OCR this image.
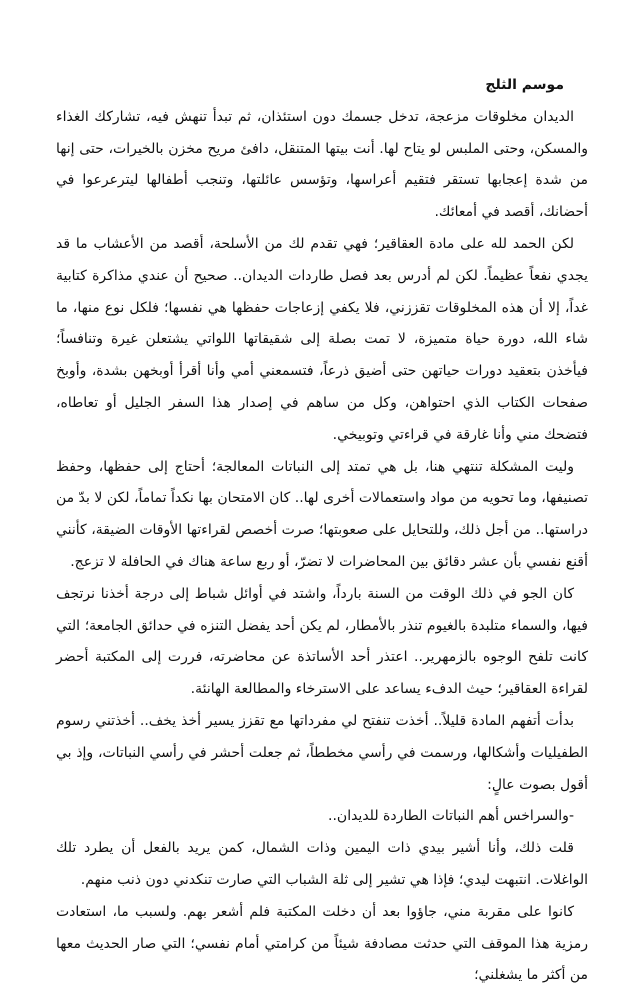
موسم الثلج

الديدان مخلوقات مزعجة، تدخل جسمك دون استئذان، ثم تبدأ تنهش فيه، تشاركك الغذاء والمسكن، وحتى الملبس لو يتاح لها. أنت بيتها المتنقل، دافئ مريح مخزن بالخيرات، حتى إنها من شدة إعجابها تستقر فتقيم أعراسها، وتؤسس عائلتها، وتنجب أطفالها ليترعرعوا في أحضانك، أقصد في أمعائك.

لكن الحمد لله على مادة العقاقير؛ فهي تقدم لك من الأسلحة، أقصد من الأعشاب ما قد يجدي نفعاً عظيماً. لكن لم أدرس بعد فصل طاردات الديدان.. صحيح أن عندي مذاكرة كتابية غداً، إلا أن هذه المخلوقات تقززني، فلا يكفي إزعاجات حفظها هي نفسها؛ فلكل نوع منها، ما شاء الله، دورة حياة متميزة، لا تمت بصلة إلى شقيقاتها اللواتي يشتعلن غيرة وتنافساً؛ فيأخذن بتعقيد دورات حياتهن حتى أضيق ذرعاً، فتسمعني أمي وأنا أقرأ أوبخهن بشدة، وأوبخ صفحات الكتاب الذي احتواهن، وكل من ساهم في إصدار هذا السفر الجليل أو تعاطاه، فتضحك مني وأنا غارقة في قراءتي وتوبيخي.

وليت المشكلة تنتهي هنا، بل هي تمتد إلى النباتات المعالجة؛ أحتاج إلى حفظها، وحفظ تصنيفها، وما تحويه من مواد واستعمالات أخرى لها.. كان الامتحان بها نكداً تماماً، لكن لا بدّ من دراستها.. من أجل ذلك، وللتحايل على صعوبتها؛ صرت أخصص لقراءتها الأوقات الضيقة، كأنني أقنع نفسي بأن عشر دقائق بين المحاضرات لا تضرّ، أو ربع ساعة هناك في الحافلة لا تزعج.

كان الجو في ذلك الوقت من السنة بارداً، واشتد في أوائل شباط إلى درجة أخذنا نرتجف فيها، والسماء متلبدة بالغيوم تنذر بالأمطار، لم يكن أحد يفضل التنزه في حدائق الجامعة؛ التي كانت تلفح الوجوه بالزمهرير.. اعتذر أحد الأساتذة عن محاضرته، فررت إلى المكتبة أحضر لقراءة العقاقير؛ حيث الدفء يساعد على الاسترخاء والمطالعة الهانئة.

بدأت أتفهم المادة قليلاً.. أخذت تنفتح لي مفرداتها مع تقزز يسير أخذ يخف.. أخذتني رسوم الطفيليات وأشكالها، ورسمت في رأسي مخططاً، ثم جعلت أحشر في رأسي النباتات، وإذ بي أقول بصوت عالٍ:

-والسراخس أهم النباتات الطاردة للديدان..

قلت ذلك، وأنا أشير بيدي ذات اليمين وذات الشمال، كمن يريد بالفعل أن يطرد تلك الواغلات. انتبهت ليدي؛ فإذا هي تشير إلى ثلة الشباب التي صارت تنكدني دون ذنب منهم.

كانوا على مقربة مني، جاؤوا بعد أن دخلت المكتبة فلم أشعر بهم. ولسبب ما، استعادت رمزية هذا الموقف التي حدثت مصادفة شيئاً من كرامتي أمام نفسي؛ التي صار الحديث معها من أكثر ما يشغلني؛
